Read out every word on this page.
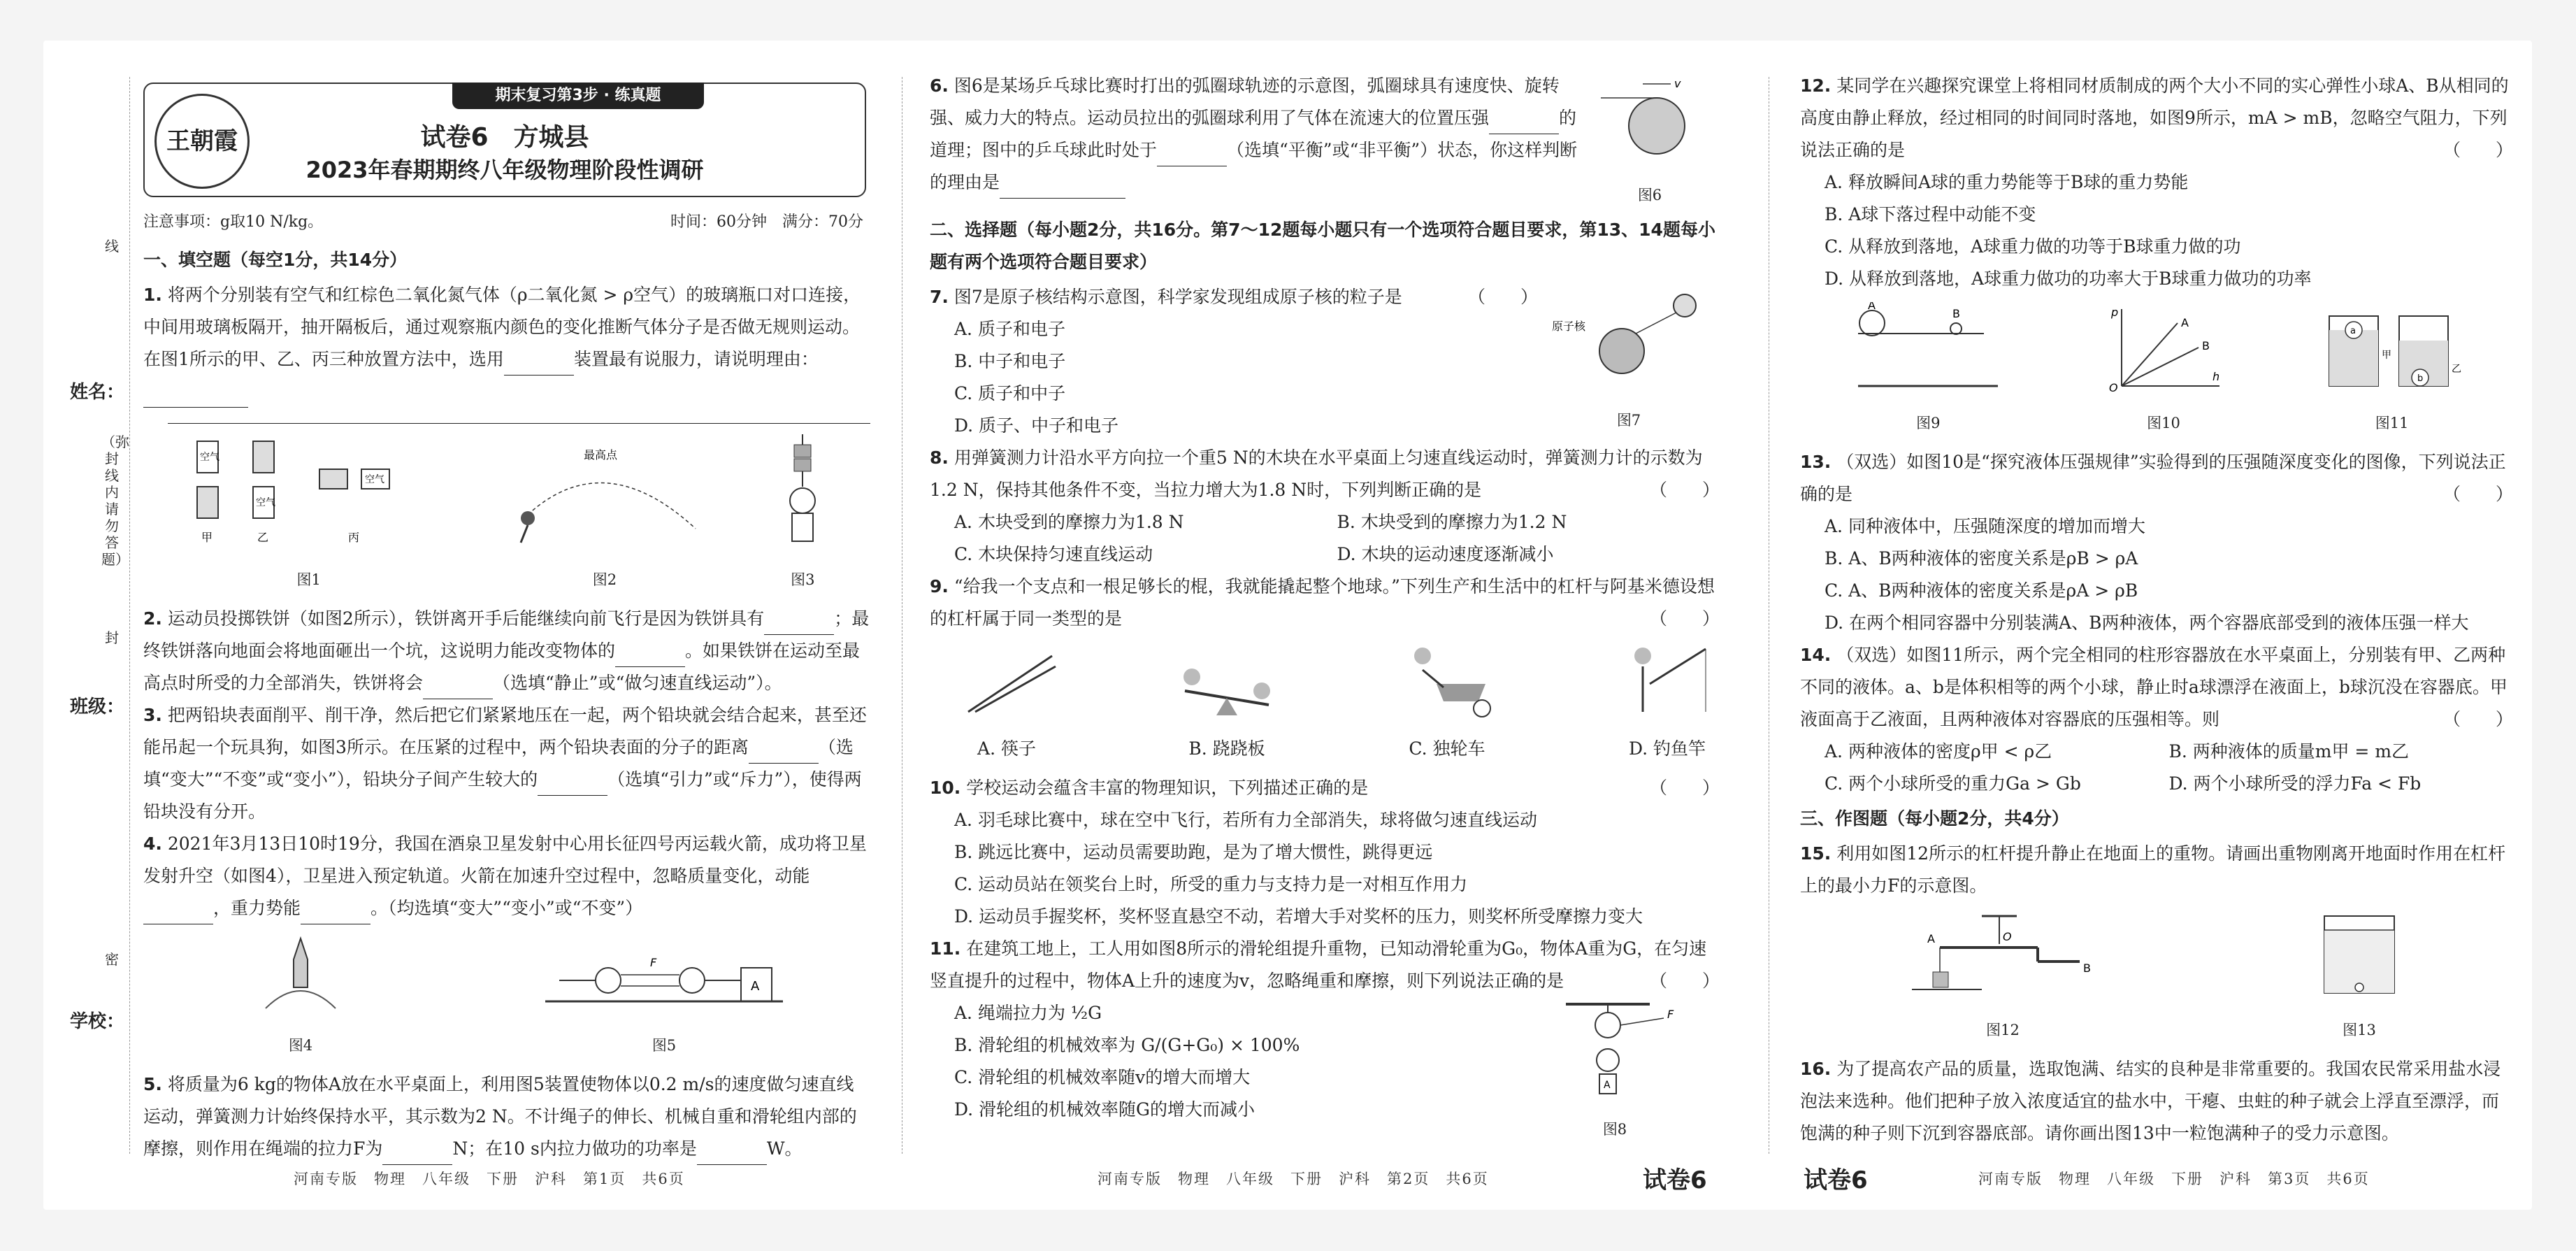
姓名：
班级：
学校：
线
（弥封线内请勿答题）
封
密
期末复习第3步 · 练真题
王朝霞	试卷6　方城县
2023年春期期终八年级物理阶段性调研
注意事项：g取10 N/kg。	时间：60分钟　满分：70分
一、填空题（每空1分，共14分）

1. 将两个分别装有空气和红棕色二氧化氮气体（ρ二氧化氮 > ρ空气）的玻璃瓶口对口连接，中间用玻璃板隔开，抽开隔板后，通过观察瓶内颜色的变化推断气体分子是否做无规则运动。在图1所示的甲、乙、丙三种放置方法中，选用	装置最有说服力，请说明理由：

空气
空气
空气
甲	乙	丙
图1
最高点
图2	图3

2. 运动员投掷铁饼（如图2所示），铁饼离开手后能继续向前飞行是因为铁饼具有	；最终铁饼落向地面会将地面砸出一个坑，这说明力能改变物体的	。如果铁饼在运动至最高点时所受的力全部消失，铁饼将会	（选填“静止”或“做匀速直线运动”）。

3. 把两铅块表面削平、削干净，然后把它们紧紧地压在一起，两个铅块就会结合起来，甚至还能吊起一个玩具狗，如图3所示。在压紧的过程中，两个铅块表面的分子的距离	（选填“变大”“不变”或“变小”），铅块分子间产生较大的	（选填“引力”或“斥力”），使得两铅块没有分开。

4. 2021年3月13日10时19分，我国在酒泉卫星发射中心用长征四号丙运载火箭，成功将卫星发射升空（如图4），卫星进入预定轨道。火箭在加速升空过程中，忽略质量变化，动能，重力势能	。（均选填“变大”“变小”或“不变”）

图4
A
F
图5

5. 将质量为6 kg的物体A放在水平桌面上，利用图5装置使物体以0.2 m/s的速度做匀速直线运动，弹簧测力计始终保持水平，其示数为2 N。不计绳子的伸长、机械自重和滑轮组内部的摩擦，则作用在绳端的拉力F为	N；在10 s内拉力做功的功率是	W。

河南专版　物理　八年级　下册　沪科　第1页　共6页

6. 图6是某场乒乓球比赛时打出的弧圈球轨迹的示意图，弧圈球具有速度快、旋转强、威力大的特点。运动员拉出的弧圈球利用了气体在流速大的位置压强	的道理；图中的乒乓球此时处于	（选填“平衡”或“非平衡”）状态，你这样判断的理由是

v
图6
二、选择题（每小题2分，共16分。第7～12题每小题只有一个选项符合题目要求，第13、14题每小题有两个选项符合题目要求）

7. 图7是原子核结构示意图，科学家发现组成原子核的粒子是	（　　）

A. 质子和电子
B. 中子和电子
C. 质子和中子
D. 质子、中子和电子
原子核
图7

8. 用弹簧测力计沿水平方向拉一个重5 N的木块在水平桌面上匀速直线运动时，弹簧测力计的示数为1.2 N，保持其他条件不变，当拉力增大为1.8 N时，下列判断正确的是	（　　）

A. 木块受到的摩擦力为1.8 N	B. 木块受到的摩擦力为1.2 N
C. 木块保持匀速直线运动	D. 木块的运动速度逐渐减小

9. “给我一个支点和一根足够长的棍，我就能撬起整个地球。”下列生产和生活中的杠杆与阿基米德设想的杠杆属于同一类型的是	（　　）

A. 筷子	B. 跷跷板	C. 独轮车	D. 钓鱼竿

10. 学校运动会蕴含丰富的物理知识，下列描述正确的是	（　　）

A. 羽毛球比赛中，球在空中飞行，若所有力全部消失，球将做匀速直线运动
B. 跳远比赛中，运动员需要助跑，是为了增大惯性，跳得更远
C. 运动员站在领奖台上时，所受的重力与支持力是一对相互作用力
D. 运动员手握奖杯，奖杯竖直悬空不动，若增大手对奖杯的压力，则奖杯所受摩擦力变大

11. 在建筑工地上，工人用如图8所示的滑轮组提升重物，已知动滑轮重为G₀，物体A重为G，在匀速竖直提升的过程中，物体A上升的速度为v，忽略绳重和摩擦，则下列说法正确的是	（　　）

A. 绳端拉力为 ½G
B. 滑轮组的机械效率为 G/(G+G₀) × 100%
C. 滑轮组的机械效率随v的增大而增大
D. 滑轮组的机械效率随G的增大而减小
A
F
图8
河南专版　物理　八年级　下册　沪科　第2页　共6页	试卷6

12. 某同学在兴趣探究课堂上将相同材质制成的两个大小不同的实心弹性小球A、B从相同的高度由静止释放，经过相同的时间同时落地，如图9所示，mA > mB，忽略空气阻力，下列说法正确的是	（　　）

A. 释放瞬间A球的重力势能等于B球的重力势能
B. A球下落过程中动能不变
C. 从释放到落地，A球重力做的功等于B球重力做的功
D. 从释放到落地，A球重力做功的功率大于B球重力做功的功率
A
B
图9
p
A
B
O
h
图10
a
b
甲
乙
图11

13. （双选）如图10是“探究液体压强规律”实验得到的压强随深度变化的图像，下列说法正确的是	（　　）

A. 同种液体中，压强随深度的增加而增大
B. A、B两种液体的密度关系是ρB > ρA
C. A、B两种液体的密度关系是ρA > ρB
D. 在两个相同容器中分别装满A、B两种液体，两个容器底部受到的液体压强一样大

14. （双选）如图11所示，两个完全相同的柱形容器放在水平桌面上，分别装有甲、乙两种不同的液体。a、b是体积相等的两个小球，静止时a球漂浮在液面上，b球沉没在容器底。甲液面高于乙液面，且两种液体对容器底的压强相等。则	（　　）

A. 两种液体的密度ρ甲 < ρ乙	B. 两种液体的质量m甲 = m乙
C. 两个小球所受的重力Ga > Gb	D. 两个小球所受的浮力Fa < Fb
三、作图题（每小题2分，共4分）

15. 利用如图12所示的杠杆提升静止在地面上的重物。请画出重物刚离开地面时作用在杠杆上的最小力F的示意图。

A	O
B
图12	图13

16. 为了提高农产品的质量，选取饱满、结实的良种是非常重要的。我国农民常采用盐水浸泡法来选种。他们把种子放入浓度适宜的盐水中，干瘪、虫蛀的种子就会上浮直至漂浮，而饱满的种子则下沉到容器底部。请你画出图13中一粒饱满种子的受力示意图。

试卷6	河南专版　物理　八年级　下册　沪科　第3页　共6页
